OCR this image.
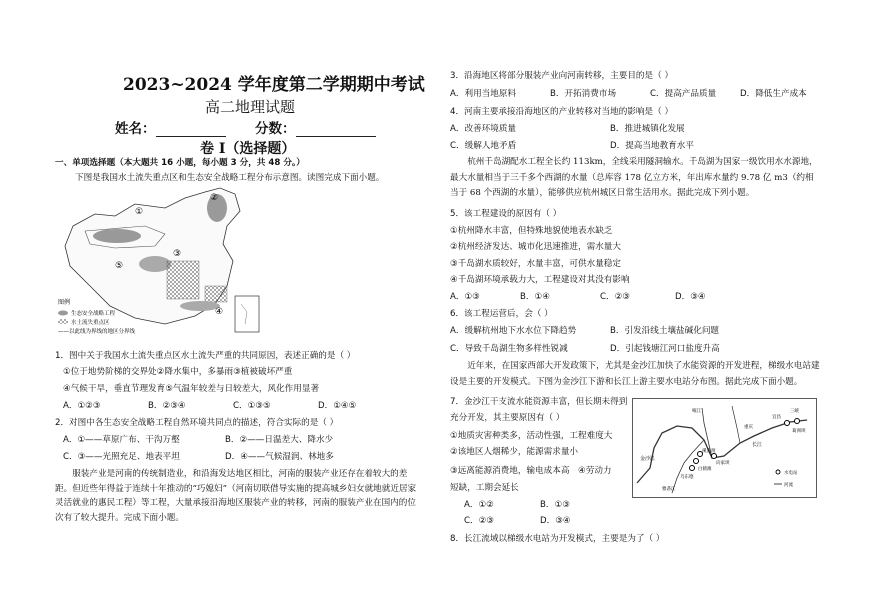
2023~2024 学年度第二学期期中考试
高二地理试题
姓名：	分数：
卷 I（选择题）
一、单项选择题（本大题共 16 小题，每小题 3 分，共 48 分。）
下图是我国水土流失重点区和生态安全战略工程分布示意图。读图完成下面小题。
①
②
③
④
⑤
图例
生态安全战略工程
水土流失重点区
——以此线为界线的地区分界线
1．图中关于我国水土流失重点区水土流失严重的共同原因，表述正确的是（ ）
①位于地势阶梯的交界处②降水集中，多暴雨③植被破坏严重
④气候干旱，垂直节理发育⑤气温年较差与日较差大，风化作用显著
A．①②③	B．②③④	C．①③⑤	D．①④⑤
2．对图中各生态安全战略工程自然环境共同点的描述，符合实际的是（ ）
A．①——草原广布、干沟万壑	B．②——日温差大、降水少
C．③——光照充足、地表平坦	D．④——气候湿润、林地多
服装产业是河南的传统制造业，和沿海发达地区相比，河南的服装产业还存在着较大的差距。但近些年得益于连续十年推动的“巧媳妇”（河南切联借导实施的提高城乡妇女就地就近居家灵活就业的惠民工程）等工程，大量承接沿海地区服装产业的转移，河南的服装产业在国内的位次有了较大提升。完成下面小题。
3．沿海地区将部分服装产业向河南转移，主要目的是（ ）
A．利用当地原料	B．开拓消费市场	C．提高产品质量	D．降低生产成本
4．河南主要承接沿海地区的产业转移对当地的影响是（ ）
A．改善环境质量	B．推进城镇化发展
C．缓解人地矛盾	D．提高当地教育水平
杭州千岛湖配水工程全长约 113km，全线采用隧洞输水。千岛湖为国家一级饮用水水源地，最大水量相当于三千多个西湖的水量（总库容 178 亿立方米，年出库水量约 9.78 亿 m3（约相当于 68 个西湖的水量），能够供应杭州城区日常生活用水。据此完成下列小题。
5．该工程建设的原因有（ ）
①杭州降水丰富，但特殊地貌使地表水缺乏
②杭州经济发达、城市化迅速推进，需水量大
③千岛湖水质较好，水量丰富，可供水量稳定
④千岛湖环境承载力大，工程建设对其没有影响
A．①③	B．①④	C．②③	D．③④
6．该工程运营后，会（ ）
A．缓解杭州地下水水位下降趋势	B．引发沿线土壤盐碱化问题
C．导致千岛湖生物多样性锐减	D．引起钱塘江河口盐度升高
近年来，在国家西部大开发政策下，尤其是金沙江加快了水能资源的开发进程，梯级水电站建设是主要的开发模式。下图为金沙江下游和长江上游主要水电站分布图。据此完成下面小题。
7．金沙江干支流水能资源丰富，但长期未得到
充分开发，其主要原因有（ ）
①地质灾害种类多，活动性强，工程难度大
②该地区人烟稀少，能源需求量小
③远离能源消费地，输电成本高　④劳动力
短缺，工期会延长
A．①②	B．①③
C．②③	D．③④
8．长江流域以梯级水电站为开发模式，主要是为了（ ）
金沙江
长江
向家坝
溪洛渡
白鹤滩
乌东德
三峡
葛洲坝
岷江
雅砻江
重庆
宜昌
水电站
河流
